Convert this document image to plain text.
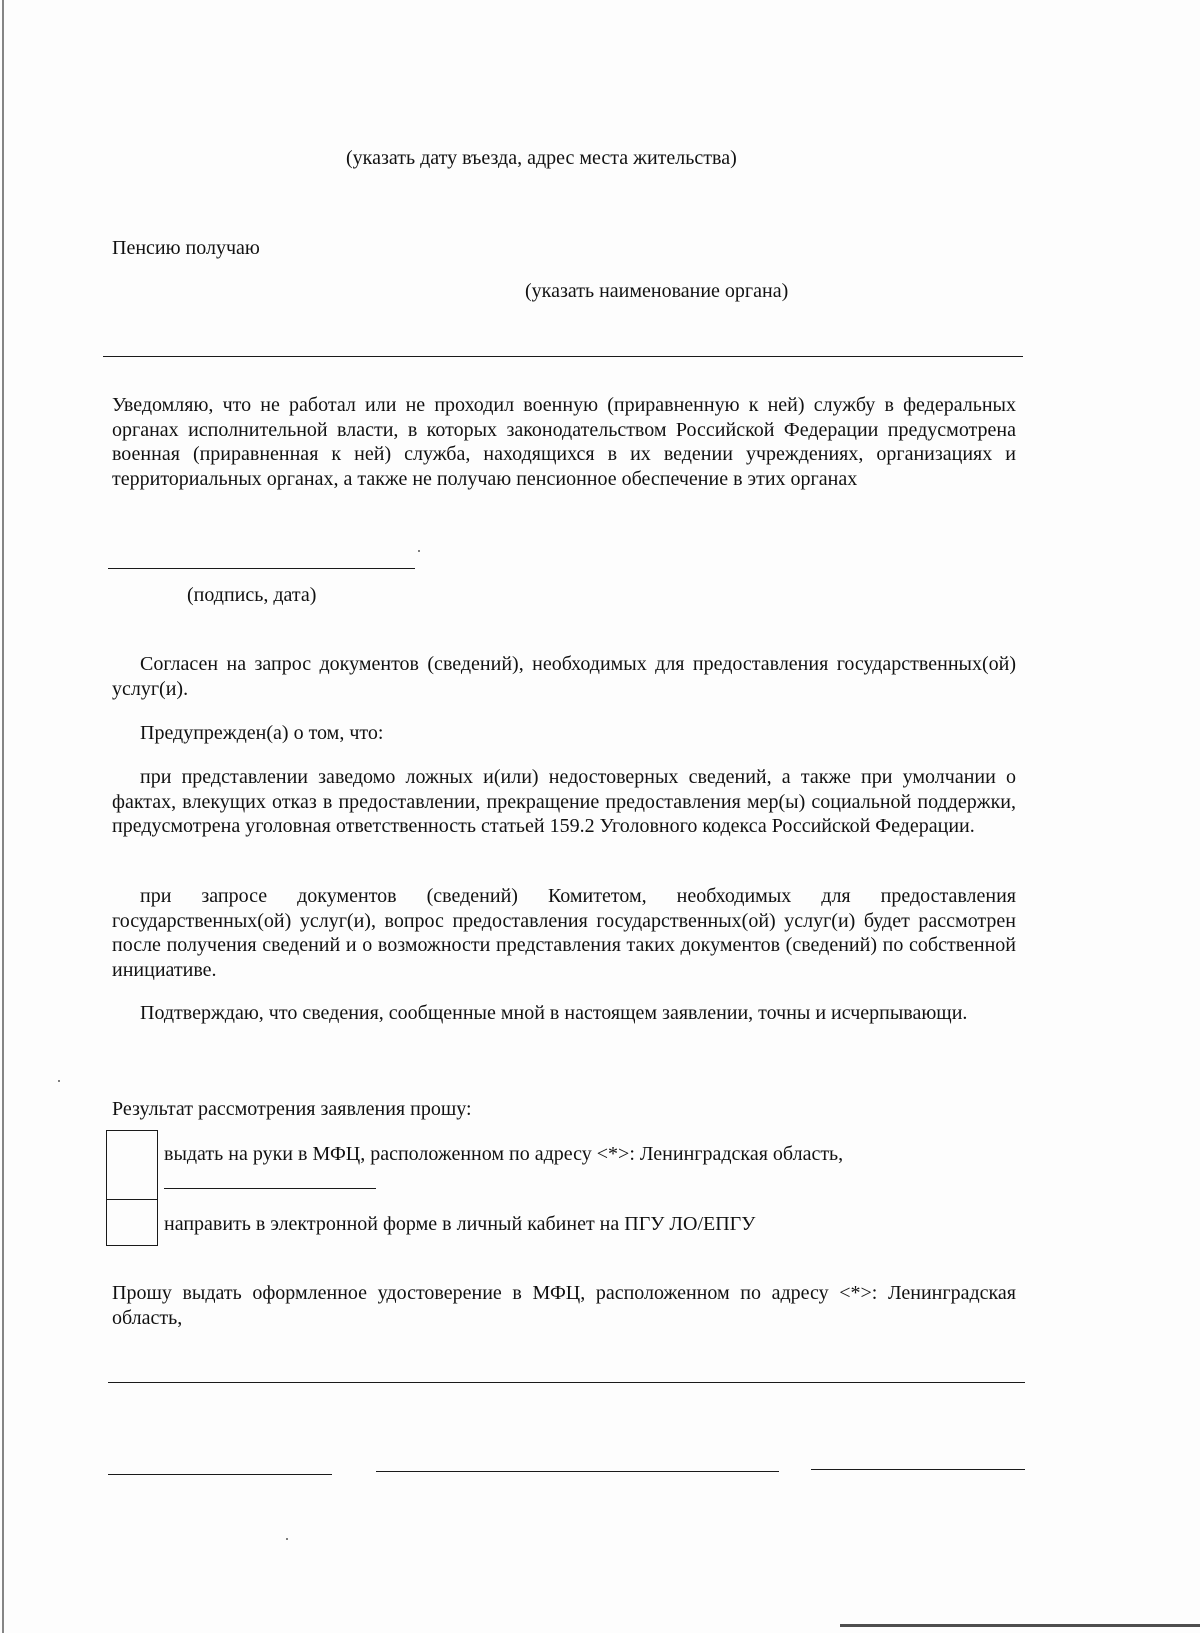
(указать дату въезда, адрес места жительства)
Пенсию получаю
(указать наименование органа)
Уведомляю, что не работал или не проходил военную (приравненную к ней) службу в федеральных органах исполнительной власти, в которых законодательством Российской Федерации предусмотрена военная (приравненная к ней) служба, находящихся в их ведении учреждениях, организациях и территориальных органах, а также не получаю пенсионное обеспечение в этих органах
(подпись, дата)
Согласен на запрос документов (сведений), необходимых для предоставления государственных(ой) услуг(и).
Предупрежден(а) о том, что:
при представлении заведомо ложных и(или) недостоверных сведений, а также при умолчании о фактах, влекущих отказ в предоставлении, прекращение предоставления мер(ы) социальной поддержки, предусмотрена уголовная ответственность статьей 159.2 Уголовного кодекса Российской Федерации.
при запросе документов (сведений) Комитетом, необходимых для предоставления государственных(ой) услуг(и), вопрос предоставления государственных(ой) услуг(и) будет рассмотрен после получения сведений и о возможности представления таких документов (сведений) по собственной инициативе.
Подтверждаю, что сведения, сообщенные мной в настоящем заявлении, точны и исчерпывающи.
Результат рассмотрения заявления прошу:
выдать на руки в МФЦ, расположенном по адресу <*>: Ленинградская область,
направить в электронной форме в личный кабинет на ПГУ ЛО/ЕПГУ
Прошу выдать оформленное удостоверение в МФЦ, расположенном по адресу <*>: Ленинградская область,
